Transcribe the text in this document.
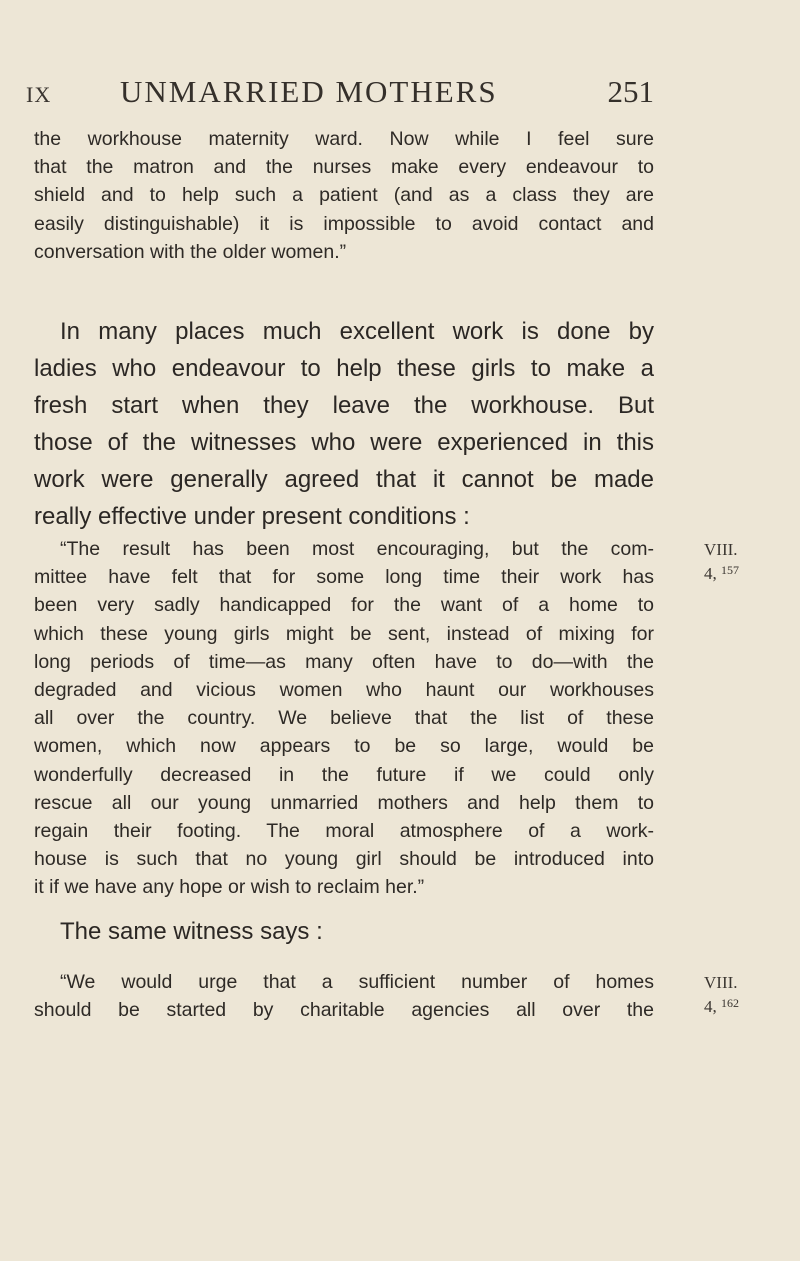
IX UNMARRIED MOTHERS	251
the workhouse maternity ward. Now while I feel sure
that the matron and the nurses make every endeavour to
shield and to help such a patient (and as a class they are
easily distinguishable) it is impossible to avoid contact and
conversation with the older women.”
In many places much excellent work is done by
ladies who endeavour to help these girls to make a
fresh start when they leave the workhouse. But
those of the witnesses who were experienced in this
work were generally agreed that it cannot be made
really effective under present conditions :
“The result has been most encouraging, but the com-
mittee have felt that for some long time their work has
been very sadly handicapped for the want of a home to
which these young girls might be sent, instead of mixing for
long periods of time—as many often have to do—with the
degraded and vicious women who haunt our workhouses
all over the country. We believe that the list of these
women, which now appears to be so large, would be
wonderfully decreased in the future if we could only
rescue all our young unmarried mothers and help them to
regain their footing. The moral atmosphere of a work-
house is such that no young girl should be introduced into
it if we have any hope or wish to reclaim her.”
The same witness says :
“We would urge that a sufficient number of homes
should be started by charitable agencies all over the
VIII.
4, $^{157}$
VIII.
4, $^{162}$
